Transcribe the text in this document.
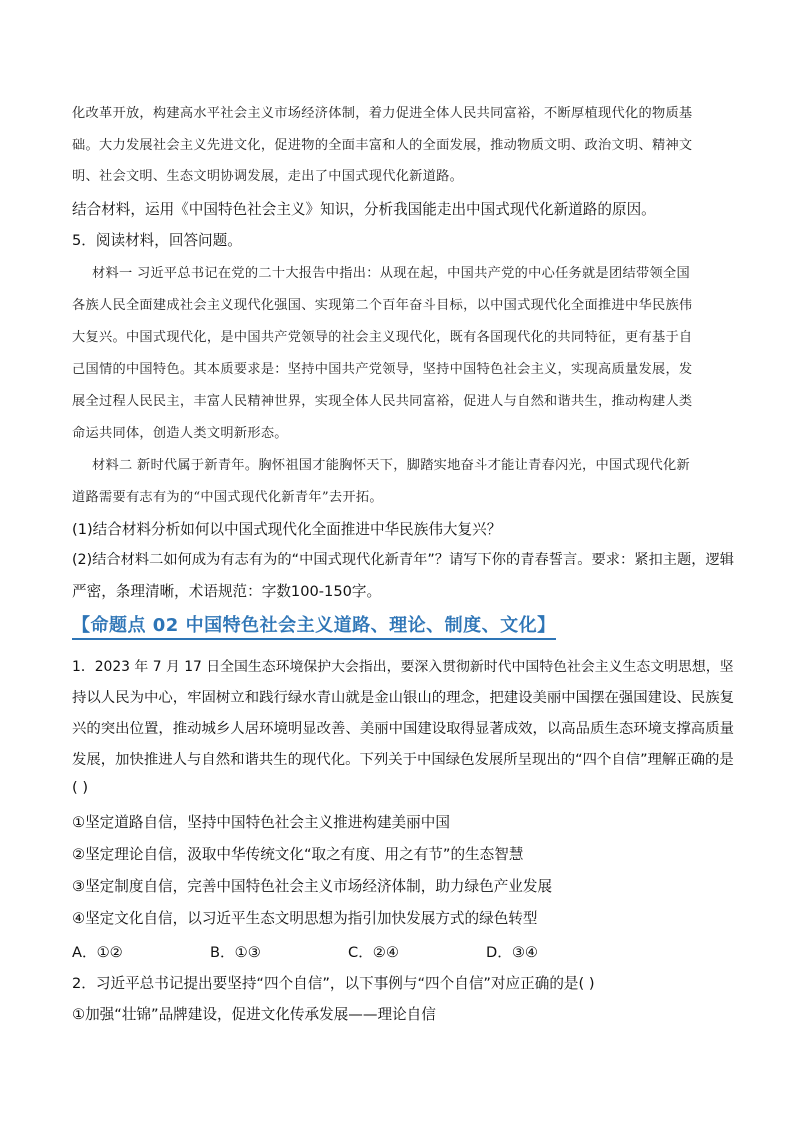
化改革开放，构建高水平社会主义市场经济体制，着力促进全体人民共同富裕，不断厚植现代化的物质基
础。大力发展社会主义先进文化，促进物的全面丰富和人的全面发展，推动物质文明、政治文明、精神文
明、社会文明、生态文明协调发展，走出了中国式现代化新道路。
结合材料，运用《中国特色社会主义》知识，分析我国能走出中国式现代化新道路的原因。
5．阅读材料，回答问题。
材料一 习近平总书记在党的二十大报告中指出：从现在起，中国共产党的中心任务就是团结带领全国
各族人民全面建成社会主义现代化强国、实现第二个百年奋斗目标，以中国式现代化全面推进中华民族伟
大复兴。中国式现代化，是中国共产党领导的社会主义现代化，既有各国现代化的共同特征，更有基于自
己国情的中国特色。其本质要求是：坚持中国共产党领导，坚持中国特色社会主义，实现高质量发展，发
展全过程人民民主，丰富人民精神世界，实现全体人民共同富裕，促进人与自然和谐共生，推动构建人类
命运共同体，创造人类文明新形态。
材料二 新时代属于新青年。胸怀祖国才能胸怀天下，脚踏实地奋斗才能让青春闪光，中国式现代化新
道路需要有志有为的“中国式现代化新青年”去开拓。
(1)结合材料分析如何以中国式现代化全面推进中华民族伟大复兴？
(2)结合材料二如何成为有志有为的“中国式现代化新青年”？请写下你的青春誓言。要求：紧扣主题，逻辑
严密，条理清晰，术语规范：字数100-150字。
【命题点 02 中国特色社会主义道路、理论、制度、文化】
1．2023 年 7 月 17 日全国生态环境保护大会指出，要深入贯彻新时代中国特色社会主义生态文明思想，坚
持以人民为中心，牢固树立和践行绿水青山就是金山银山的理念，把建设美丽中国摆在强国建设、民族复
兴的突出位置，推动城乡人居环境明显改善、美丽中国建设取得显著成效，以高品质生态环境支撑高质量
发展，加快推进人与自然和谐共生的现代化。下列关于中国绿色发展所呈现出的“四个自信”理解正确的是
( )
①坚定道路自信，坚持中国特色社会主义推进构建美丽中国
②坚定理论自信，汲取中华传统文化“取之有度、用之有节”的生态智慧
③坚定制度自信，完善中国特色社会主义市场经济体制，助力绿色产业发展
④坚定文化自信，以习近平生态文明思想为指引加快发展方式的绿色转型
A．①②	B．①③	C．②④	D．③④
2．习近平总书记提出要坚持“四个自信”，以下事例与“四个自信”对应正确的是( )
①加强“壮锦”品牌建设，促进文化传承发展——理论自信
